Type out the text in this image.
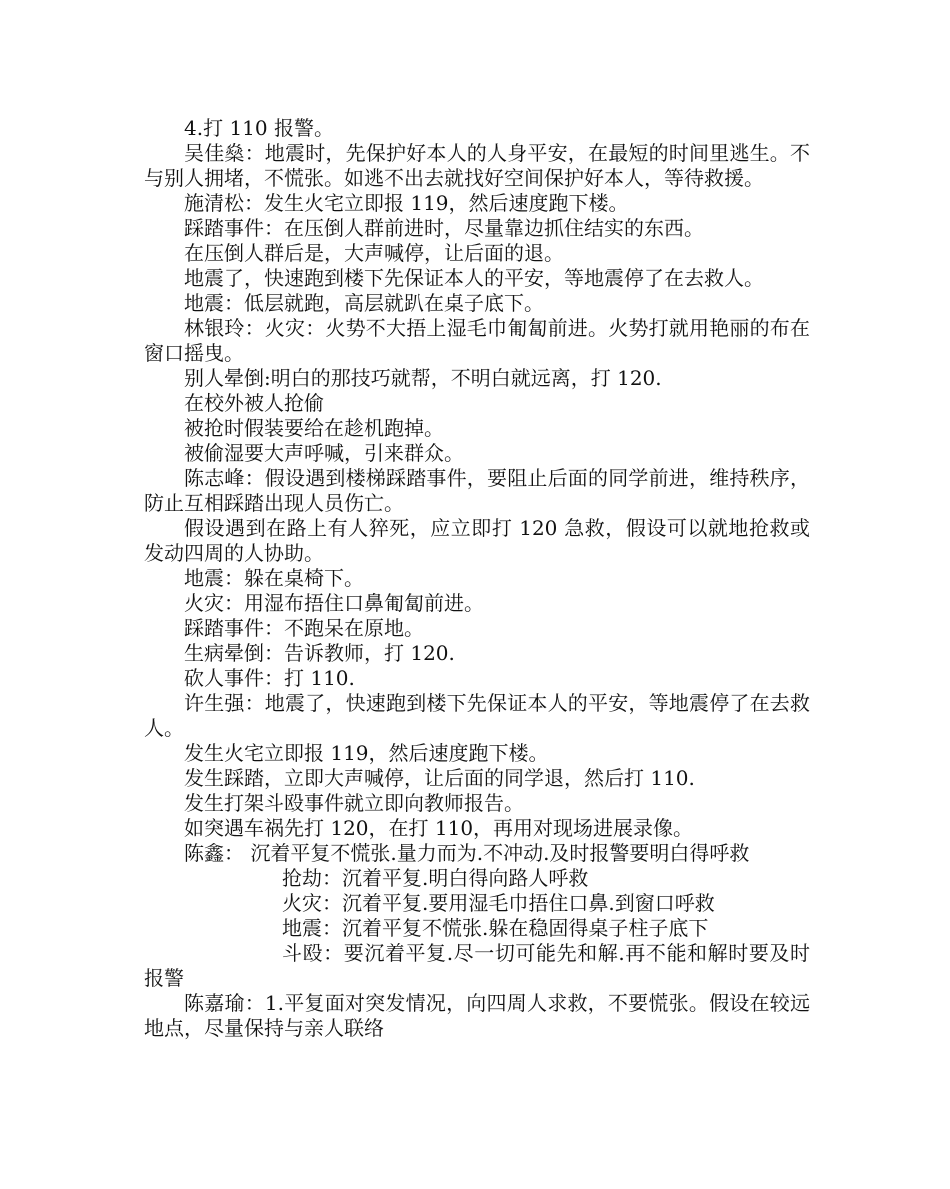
4.打 110 报警。

吴佳燊：地震时，先保护好本人的人身平安，在最短的时间里逃生。不与别人拥堵，不慌张。如逃不出去就找好空间保护好本人，等待救援。

施清松：发生火宅立即报 119，然后速度跑下楼。

踩踏事件：在压倒人群前进时，尽量靠边抓住结实的东西。

在压倒人群后是，大声喊停，让后面的退。

地震了，快速跑到楼下先保证本人的平安，等地震停了在去救人。

地震：低层就跑，高层就趴在桌子底下。

林银玲：火灾：火势不大捂上湿毛巾匍匐前进。火势打就用艳丽的布在窗口摇曳。

别人晕倒:明白的那技巧就帮，不明白就远离，打 120.

在校外被人抢偷

被抢时假装要给在趁机跑掉。

被偷湿要大声呼喊，引来群众。

陈志峰：假设遇到楼梯踩踏事件，要阻止后面的同学前进，维持秩序，防止互相踩踏出现人员伤亡。

假设遇到在路上有人猝死，应立即打 120 急救，假设可以就地抢救或发动四周的人协助。

地震：躲在桌椅下。

火灾：用湿布捂住口鼻匍匐前进。

踩踏事件：不跑呆在原地。

生病晕倒：告诉教师，打 120.

砍人事件：打 110.

许生强：地震了，快速跑到楼下先保证本人的平安，等地震停了在去救人。

发生火宅立即报 119，然后速度跑下楼。

发生踩踏，立即大声喊停，让后面的同学退，然后打 110.

发生打架斗殴事件就立即向教师报告。

如突遇车祸先打 120，在打 110，再用对现场进展录像。

陈鑫： 沉着平复不慌张.量力而为.不冲动.及时报警要明白得呼救

抢劫：沉着平复.明白得向路人呼救

火灾：沉着平复.要用湿毛巾捂住口鼻.到窗口呼救

地震：沉着平复不慌张.躲在稳固得桌子柱子底下

斗殴：要沉着平复.尽一切可能先和解.再不能和解时要及时报警

陈嘉瑜：1.平复面对突发情况，向四周人求救，不要慌张。假设在较远地点，尽量保持与亲人联络
